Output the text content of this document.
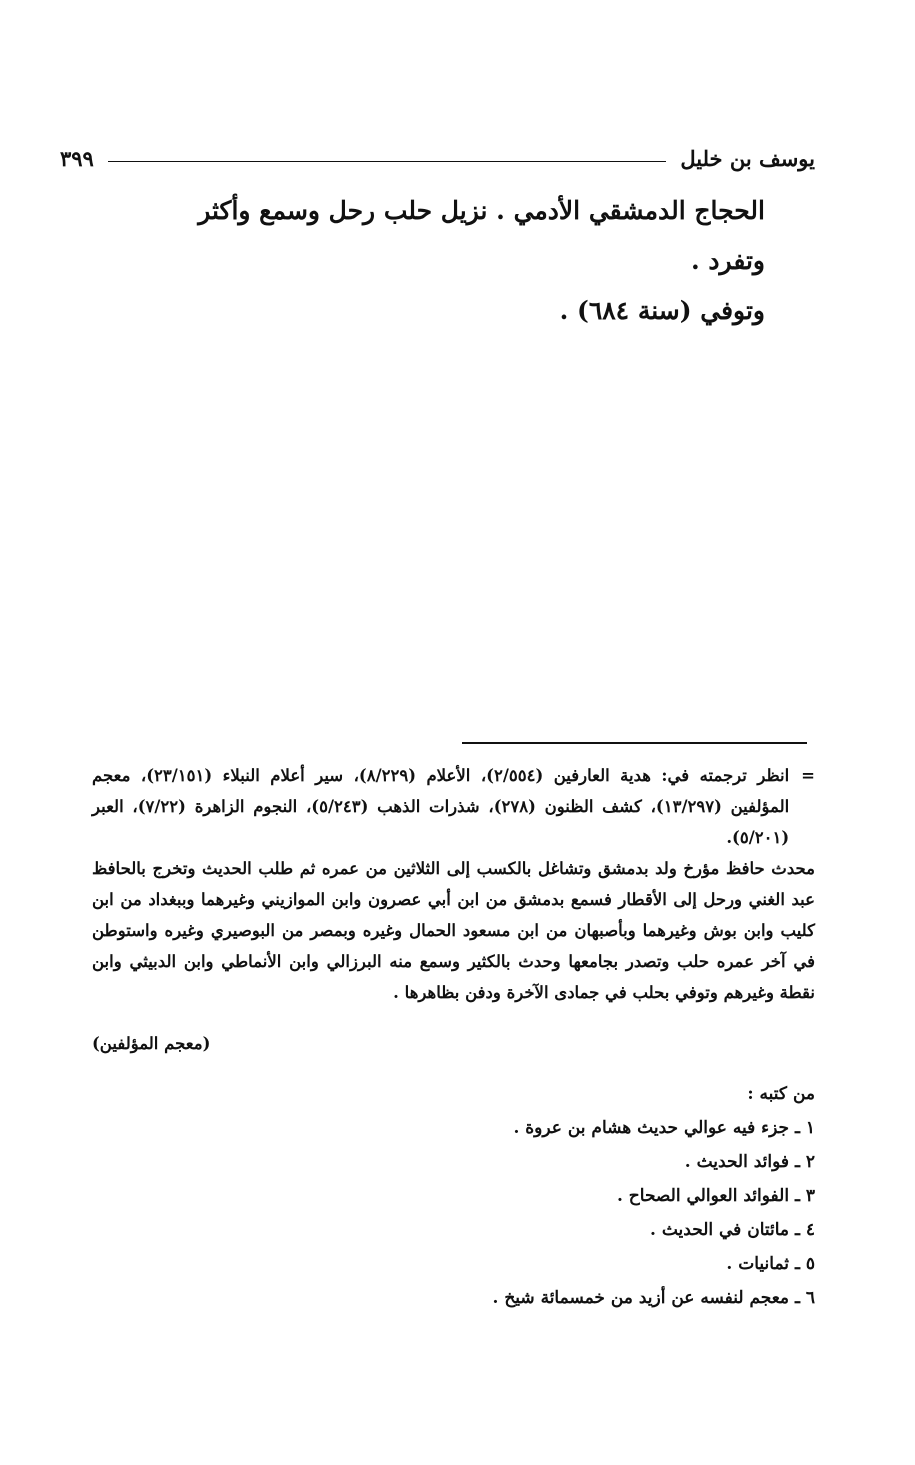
يوسف بن خليل
٣٩٩

الحجاج الدمشقي الأدمي . نزيل حلب رحل وسمع وأكثر وتفرد .

وتوفي (سنة ٦٨٤) .

=

انظر ترجمته في: هدية العارفين (٢/٥٥٤)، الأعلام (٨/٢٢٩)، سير أعلام النبلاء (٢٣/١٥١)، معجم المؤلفين (١٣/٢٩٧)، كشف الظنون (٢٧٨)، شذرات الذهب (٥/٢٤٣)، النجوم الزاهرة (٧/٢٢)، العبر (٥/٢٠١).

محدث حافظ مؤرخ ولد بدمشق وتشاغل بالكسب إلى الثلاثين من عمره ثم طلب الحديث وتخرج بالحافظ عبد الغني ورحل إلى الأقطار فسمع بدمشق من ابن أبي عصرون وابن الموازيني وغيرهما وببغداد من ابن كليب وابن بوش وغيرهما وبأصبهان من ابن مسعود الحمال وغيره وبمصر من البوصيري وغيره واستوطن في آخر عمره حلب وتصدر بجامعها وحدث بالكثير وسمع منه البرزالي وابن الأنماطي وابن الدبيثي وابن نقطة وغيرهم وتوفي بحلب في جمادى الآخرة ودفن بظاهرها .

(معجم المؤلفين)

من كتبه :
١ ـ جزء فيه عوالي حديث هشام بن عروة .
٢ ـ فوائد الحديث .
٣ ـ الفوائد العوالي الصحاح .
٤ ـ مائتان في الحديث .
٥ ـ ثمانيات .
٦ ـ معجم لنفسه عن أزيد من خمسمائة شيخ .
